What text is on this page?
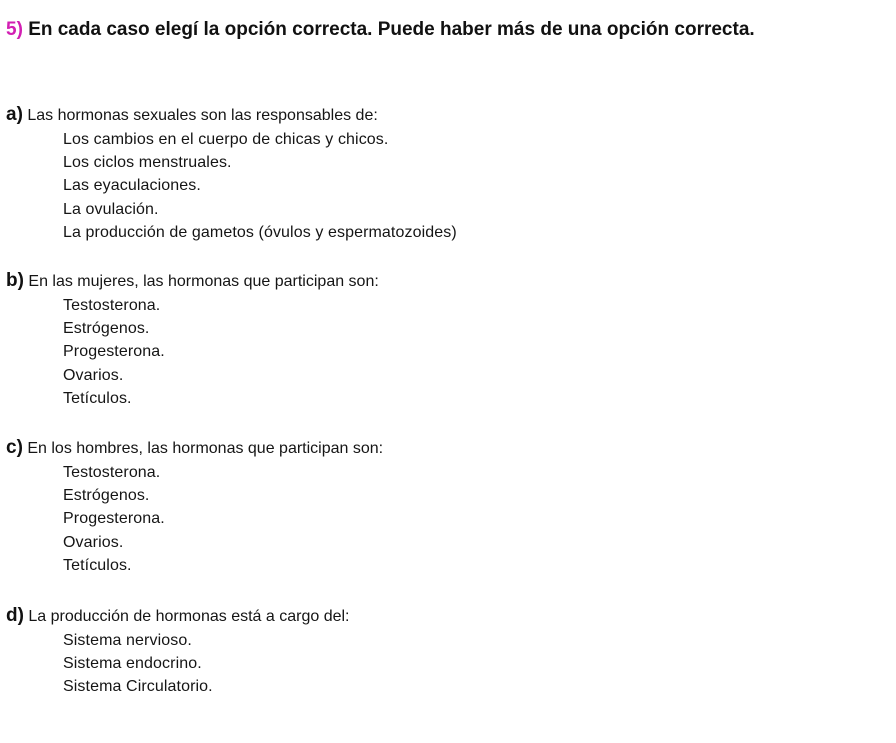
5) En cada caso elegí la opción correcta. Puede haber más de una opción correcta.
a) Las hormonas sexuales son las responsables de:
Los cambios en el cuerpo de chicas y chicos.
Los ciclos menstruales.
Las eyaculaciones.
La ovulación.
La producción de gametos (óvulos y espermatozoides)
b) En las mujeres, las hormonas que participan son:
Testosterona.
Estrógenos.
Progesterona.
Ovarios.
Tetículos.
c) En los hombres, las hormonas que participan son:
Testosterona.
Estrógenos.
Progesterona.
Ovarios.
Tetículos.
d) La producción de hormonas está a cargo del:
Sistema nervioso.
Sistema endocrino.
Sistema Circulatorio.
